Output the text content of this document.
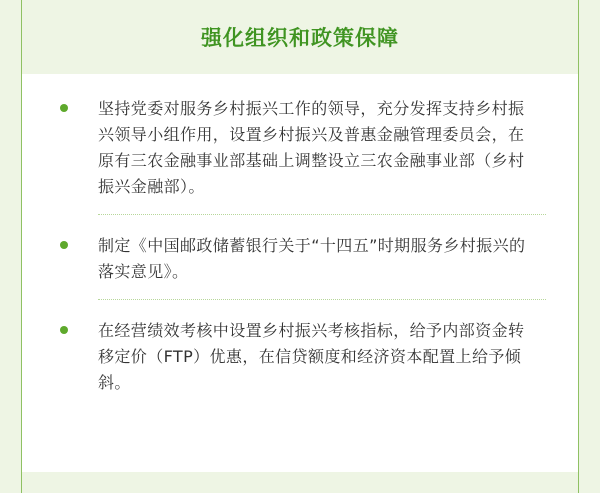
强化组织和政策保障
坚持党委对服务乡村振兴工作的领导，充分发挥支持乡村振兴领导小组作用，设置乡村振兴及普惠金融管理委员会，在原有三农金融事业部基础上调整设立三农金融事业部（乡村振兴金融部）。
制定《中国邮政储蓄银行关于“十四五”时期服务乡村振兴的落实意见》。
在经营绩效考核中设置乡村振兴考核指标，给予内部资金转移定价（FTP）优惠，在信贷额度和经济资本配置上给予倾斜。
